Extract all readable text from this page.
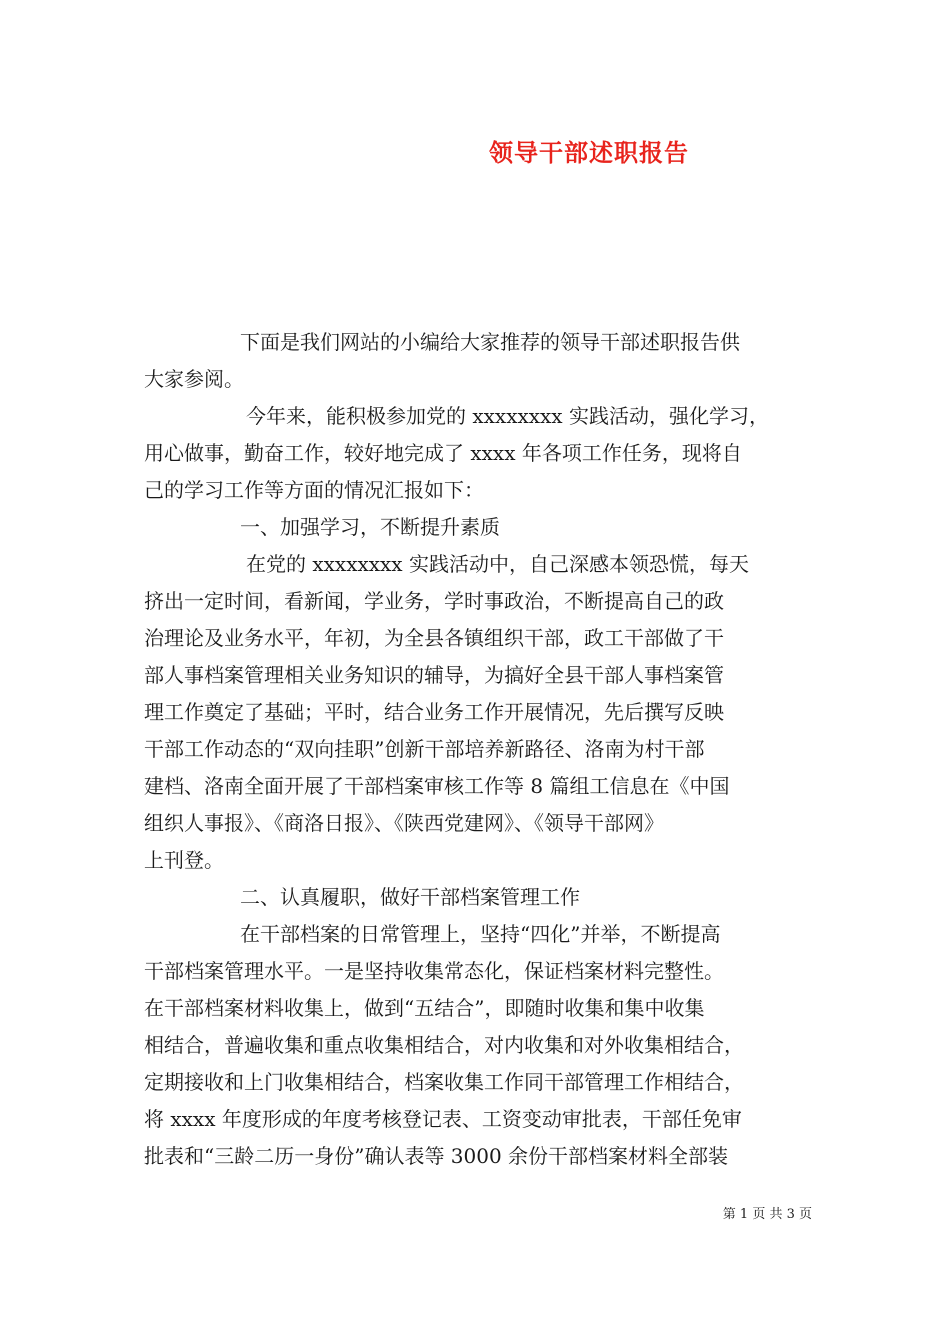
领导干部述职报告
下面是我们网站的小编给大家推荐的领导干部述职报告供
大家参阅。
今年来，能积极参加党的 xxxxxxxx 实践活动，强化学习，
用心做事，勤奋工作，较好地完成了 xxxx 年各项工作任务，现将自
己的学习工作等方面的情况汇报如下：
一、加强学习，不断提升素质
在党的 xxxxxxxx 实践活动中，自己深感本领恐慌，每天
挤出一定时间，看新闻，学业务，学时事政治，不断提高自己的政
治理论及业务水平，年初，为全县各镇组织干部，政工干部做了干
部人事档案管理相关业务知识的辅导，为搞好全县干部人事档案管
理工作奠定了基础；平时，结合业务工作开展情况，先后撰写反映
干部工作动态的“双向挂职”创新干部培养新路径、洛南为村干部
建档、洛南全面开展了干部档案审核工作等 8 篇组工信息在《中国
组织人事报》、《商洛日报》、《陕西党建网》、《领导干部网》
上刊登。
二、认真履职，做好干部档案管理工作
在干部档案的日常管理上，坚持“四化”并举，不断提高
干部档案管理水平。一是坚持收集常态化，保证档案材料完整性。
在干部档案材料收集上，做到“五结合”，即随时收集和集中收集
相结合，普遍收集和重点收集相结合，对内收集和对外收集相结合，
定期接收和上门收集相结合，档案收集工作同干部管理工作相结合，
将 xxxx 年度形成的年度考核登记表、工资变动审批表，干部任免审
批表和“三龄二历一身份”确认表等 3000 余份干部档案材料全部装
第 1 页 共 3 页
